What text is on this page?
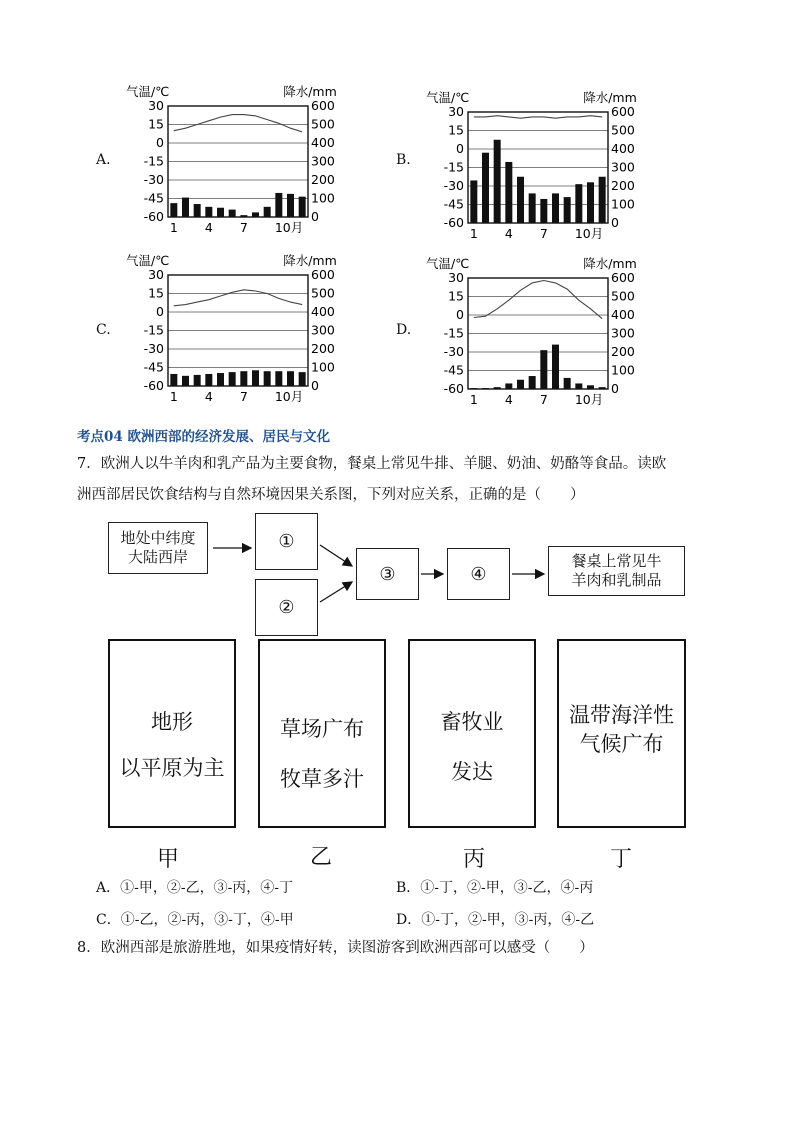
A.	B.
C.	D.
气温/℃	降水/mm
30	600
15	500
0	400
-15	300
-30	200
-45	100
-60	0
1 4 7 10月
气温/℃	降水/mm
30	600
15	500
0	400
-15	300
-30	200
-45	100
-60	0
1 4 7 10月
气温/℃	降水/mm
30	600
15	500
0	400
-15	300
-30	200
-45	100
-60	0
1 4 7 10月
气温/℃	降水/mm
30	600
15	500
0	400
-15	300
-30	200
-45	100
-60	0
1 4 7 10月
考点04 欧洲西部的经济发展、居民与文化
7．欧洲人以牛羊肉和乳产品为主要食物，餐桌上常见牛排、羊腿、奶油、奶酪等食品。读欧
洲西部居民饮食结构与自然环境因果关系图，下列对应关系，正确的是（　　）
地处中纬度
大陆西岸
①
②
③	④
餐桌上常见牛
羊肉和乳制品
地形
以平原为主
草场广布
牧草多汁
畜牧业
发达
温带海洋性
气候广布
甲	乙	丙	丁
A．①-甲，②-乙，③-丙，④-丁	B．①-丁，②-甲，③-乙，④-丙
C．①-乙，②-丙，③-丁，④-甲	D．①-丁，②-甲，③-丙，④-乙
8．欧洲西部是旅游胜地，如果疫情好转，读图游客到欧洲西部可以感受（　　）
